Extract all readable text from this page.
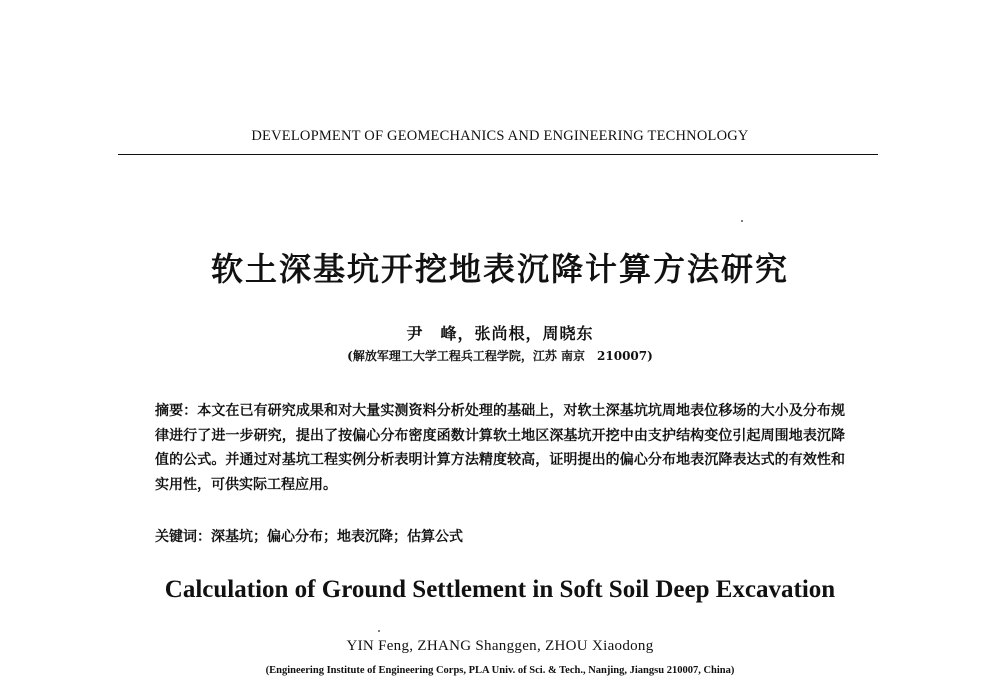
DEVELOPMENT OF GEOMECHANICS AND ENGINEERING TECHNOLOGY
软土深基坑开挖地表沉降计算方法研究
尹　峰，张尚根，周晓东
(解放军理工大学工程兵工程学院，江苏 南京　210007)
摘要：本文在已有研究成果和对大量实测资料分析处理的基础上，对软土深基坑坑周地表位移场的大小及分布规律进行了进一步研究，提出了按偏心分布密度函数计算软土地区深基坑开挖中由支护结构变位引起周围地表沉降值的公式。并通过对基坑工程实例分析表明计算方法精度较高，证明提出的偏心分布地表沉降表达式的有效性和实用性，可供实际工程应用。
关键词：深基坑；偏心分布；地表沉降；估算公式
Calculation of Ground Settlement in Soft Soil Deep Excavation
YIN Feng, ZHANG Shanggen, ZHOU Xiaodong
(Engineering Institute of Engineering Corps, PLA Univ. of Sci. & Tech., Nanjing, Jiangsu 210007, China)
